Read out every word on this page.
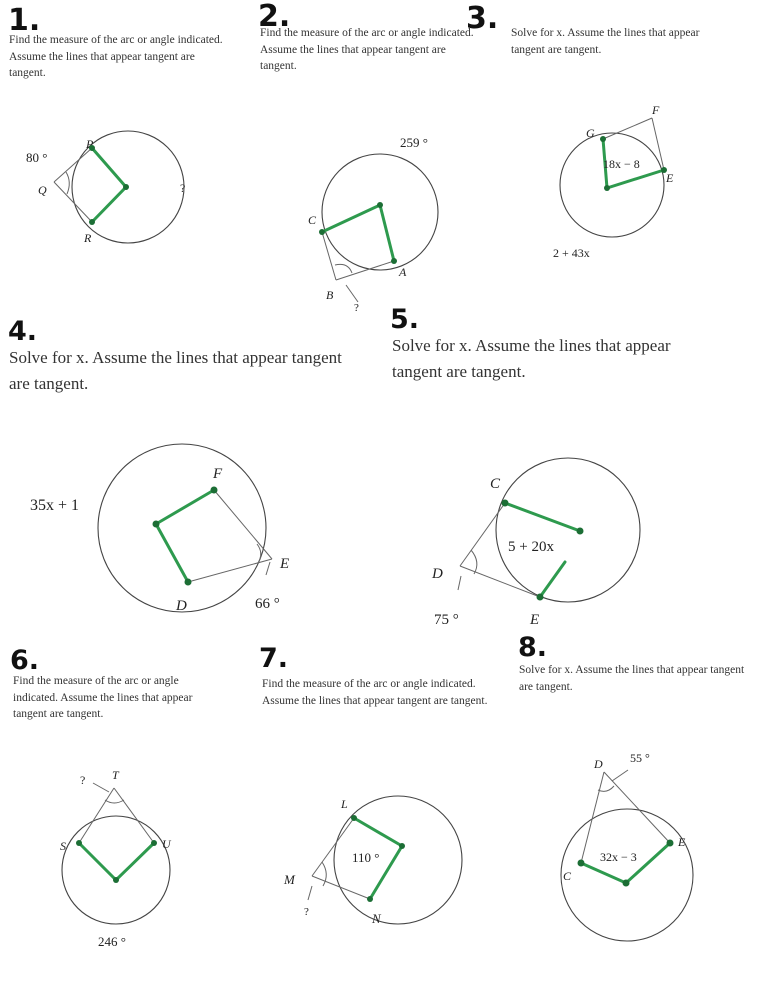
1.
Find the measure of the arc or angle indicated. Assume the lines that appear tangent are tangent.
80 °
P
Q
R
?
2.
Find the measure of the arc or angle indicated. Assume the lines that appear tangent are tangent.
259 °
C
A
B
?
3. Solve for x. Assume the lines that appear tangent are tangent.
F
G
E
18x − 8
2 + 43x
4.
Solve for x. Assume the lines that appear tangent are tangent.
35x + 1
F
E
D	66 °
5.
Solve for x. Assume the lines that appear tangent are tangent.
C
5 + 20x
D
E
75 °
6.
Find the measure of the arc or angle indicated. Assume the lines that appear tangent are tangent.
? T
S	U
246 °
7.
Find the measure of the arc or angle indicated. Assume the lines that appear tangent are tangent.
L
110 °
M
N
?
8.
Solve for x. Assume the lines that appear tangent are tangent.
D 55 °
E
C
32x − 3
